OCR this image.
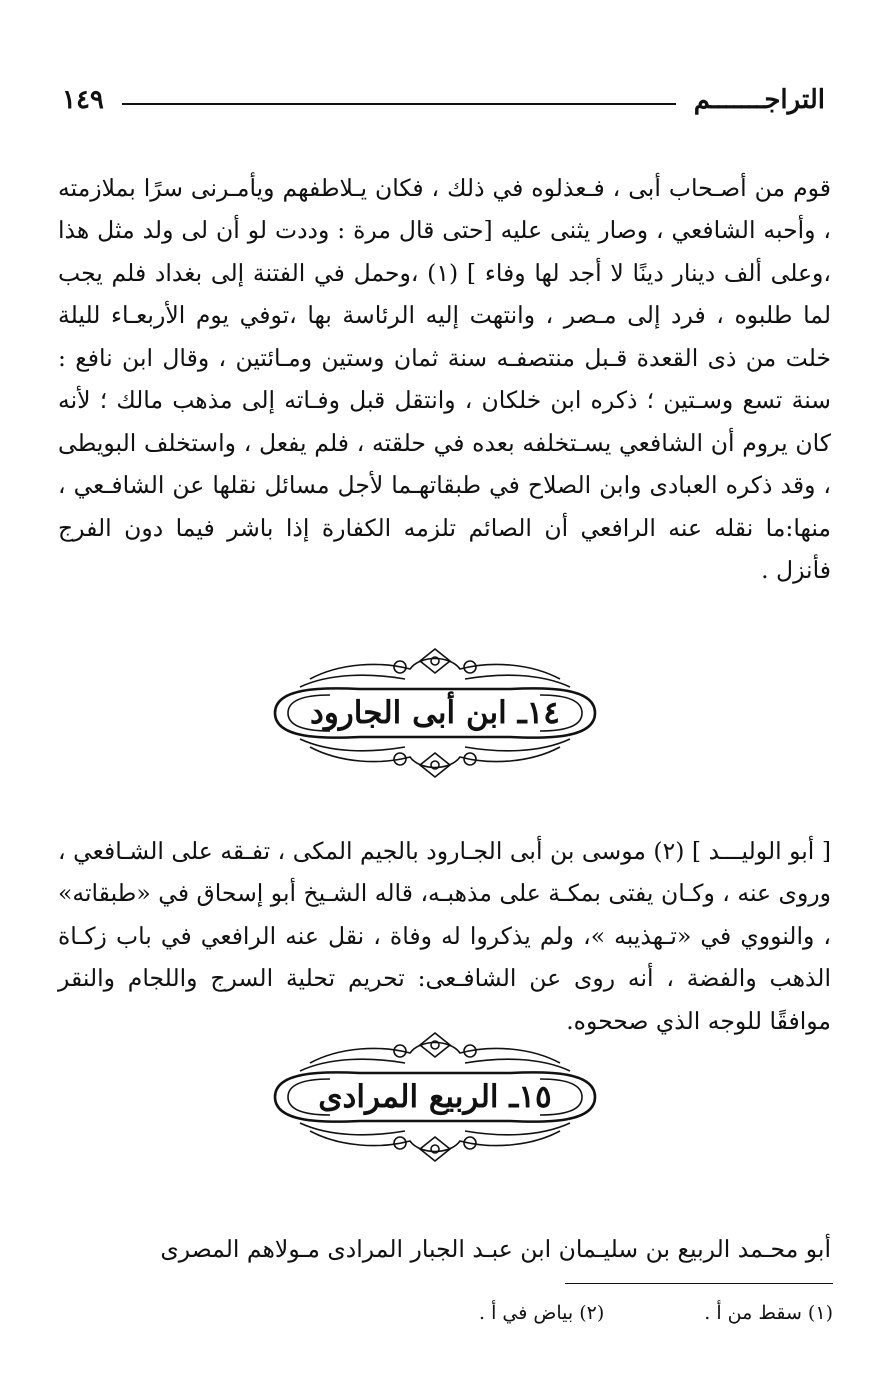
التراجـــــــم
١٤٩

قوم من أصـحاب أبى ، فـعذلوه في ذلك ، فكان يـلاطفهم ويأمـرنى سرًا بملازمته ، وأحبه الشافعي ، وصار يثنى عليه [حتى قال مرة : وددت لو أن لى ولد مثل هذا ،وعلى ألف دينار دينًا لا أجد لها وفاء ] (١) ،وحمل في الفتنة إلى بغداد فلم يجب لما طلبوه ، فرد إلى مـصر ، وانتهت إليه الرئاسة بها ،توفي يوم الأربعـاء لليلة خلت من ذى القعدة قـبل منتصفـه سنة ثمان وستين ومـائتين ، وقال ابن نافع : سنة تسع وسـتين ؛ ذكره ابن خلكان ، وانتقل قبل وفـاته إلى مذهب مالك ؛ لأنه كان يروم أن الشافعي يسـتخلفه بعده في حلقته ، فلم يفعل ، واستخلف البويطى ، وقد ذكره العبادى وابن الصلاح في طبقاتهـما لأجل مسائل نقلها عن الشافـعي ، منها:ما نقله عنه الرافعي أن الصائم تلزمه الكفارة إذا باشر فيما دون الفرج فأنزل .

١٤ـ ابن أبى الجارود

[ أبو الوليـــد ] (٢) موسى بن أبى الجـارود بالجيم المكى ، تفـقه على الشـافعي ، وروى عنه ، وكـان يفتى بمكـة على مذهبـه، قاله الشـيخ أبو إسحاق في «طبقاته» ، والنووي في «تـهذيبه »، ولم يذكروا له وفاة ، نقل عنه الرافعي في باب زكـاة الذهب والفضة ، أنه روى عن الشافـعى: تحريم تحلية السرج واللجام والنقر موافقًا للوجه الذي صححوه.

١٥ـ الربيع المرادى

أبو محـمد الربيع بن سليـمان ابن عبـد الجبار المرادى مـولاهم المصرى

(١) سقط من أ .
(٢) بياض في أ .
